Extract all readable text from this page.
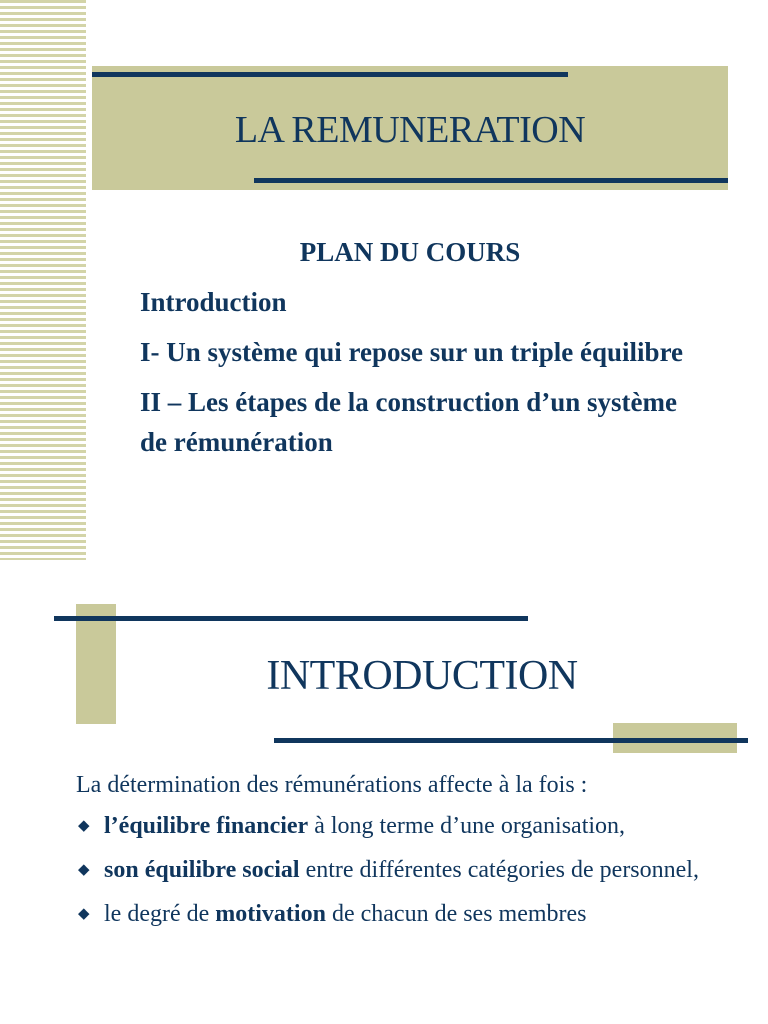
LA REMUNERATION
PLAN DU COURS
Introduction
I- Un système qui repose sur un triple équilibre
II – Les étapes de la construction d’un système de rémunération
INTRODUCTION

La détermination des rémunérations affecte à la fois :

◆ l’équilibre financier à long terme d’une organisation,
◆ son équilibre social entre différentes catégories de personnel,
◆ le degré de motivation de chacun de ses membres
